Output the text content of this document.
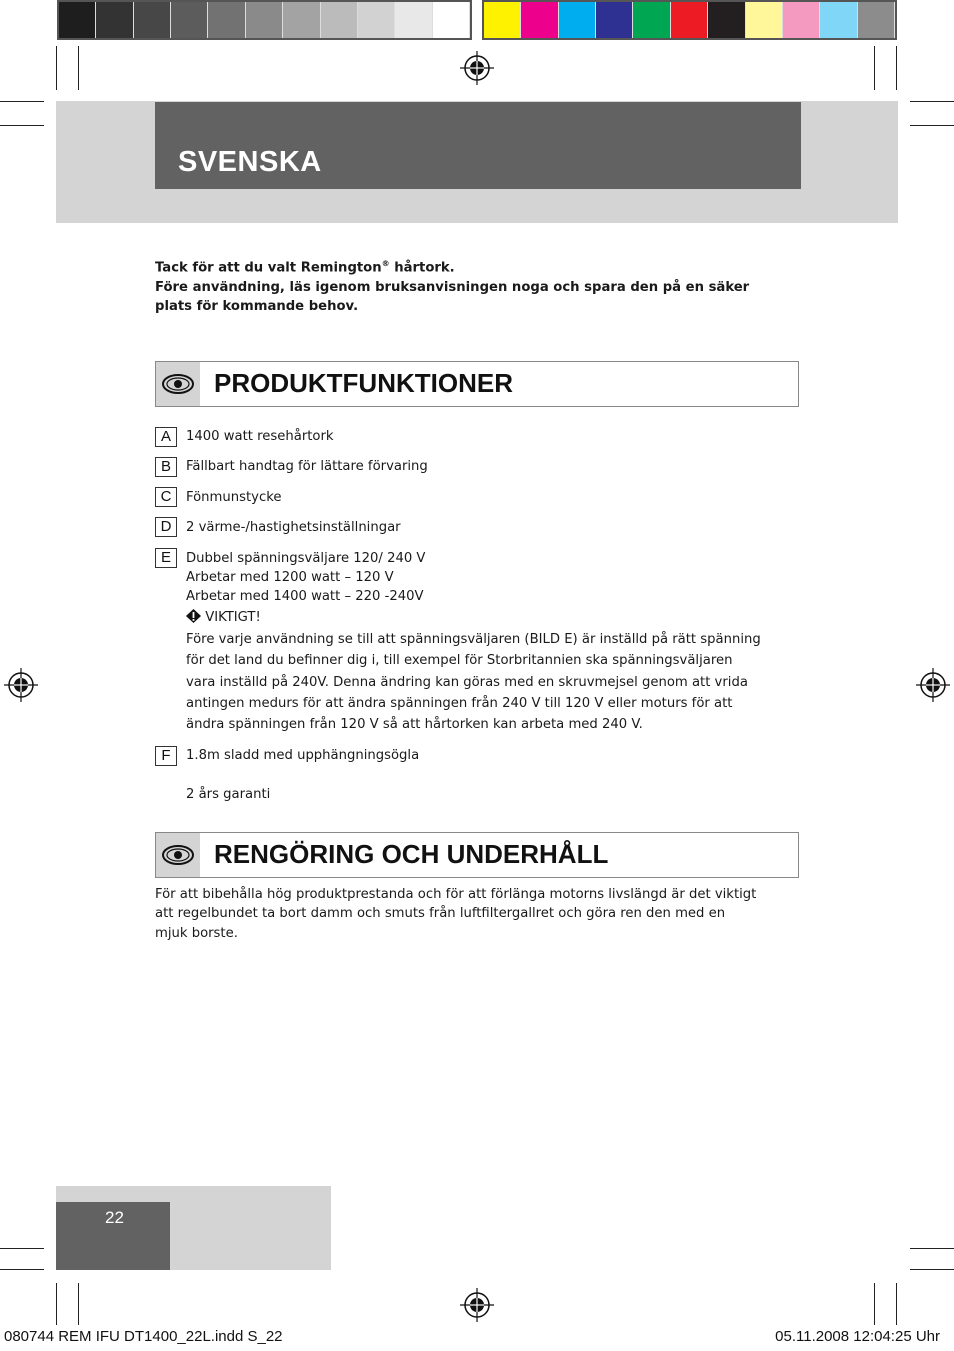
SVENSKA
Tack för att du valt Remington® hårtork.
Före användning, läs igenom bruksanvisningen noga och spara den på en säker
plats för kommande behov.
PRODUKTFUNKTIONER
A	1400 watt resehårtork
B	Fällbart handtag för lättare förvaring
C	Fönmunstycke
D	2 värme-/hastighetsinställningar
E	Dubbel spänningsväljare 120/ 240 V
Arbetar med 1200 watt – 120 V
Arbetar med 1400 watt – 220 -240V
VIKTIGT!
Före varje användning se till att spänningsväljaren (BILD E) är inställd på rätt spänning
för det land du befinner dig i, till exempel för Storbritannien ska spänningsväljaren
vara inställd på 240V. Denna ändring kan göras med en skruvmejsel genom att vrida
antingen medurs för att ändra spänningen från 240 V till 120 V eller moturs för att
ändra spänningen från 120 V så att hårtorken kan arbeta med 240 V.
F	1.8m sladd med upphängningsögla
2 års garanti
RENGÖRING OCH UNDERHÅLL
För att bibehålla hög produktprestanda och för att förlänga motorns livslängd är det viktigt
att regelbundet ta bort damm och smuts från luftfiltergallret och göra ren den med en
mjuk borste.
22
080744 REM IFU DT1400_22L.indd S_22	05.11.2008 12:04:25 Uhr
